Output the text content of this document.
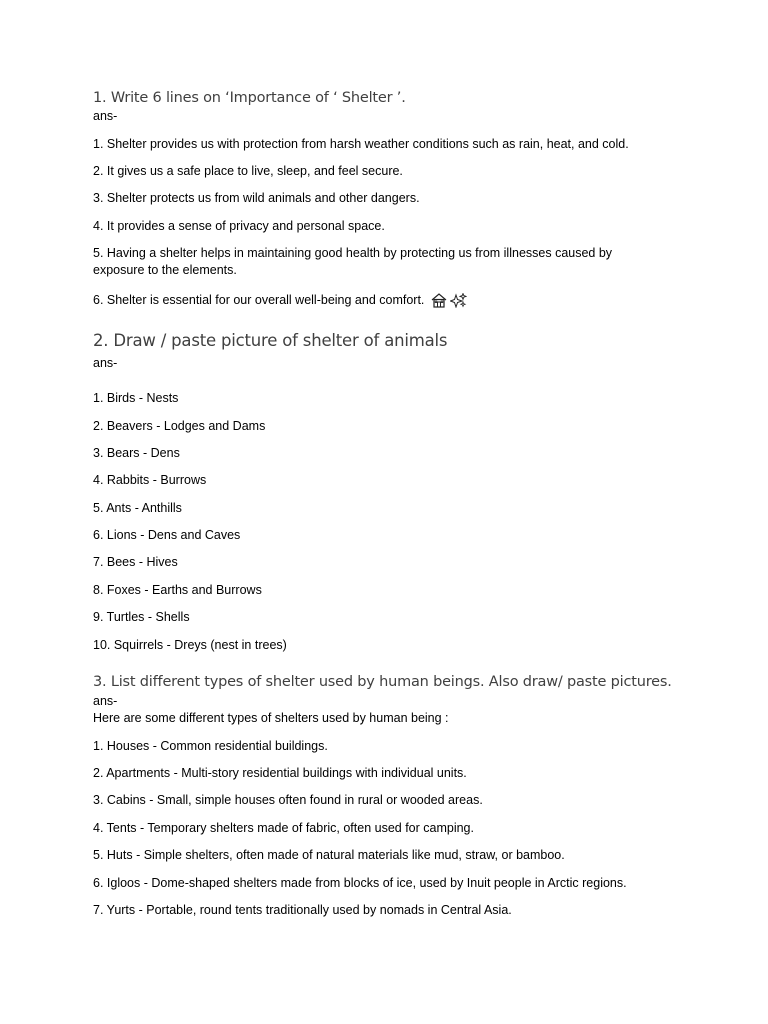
1. Write 6 lines on ‘Importance of ‘ Shelter ’.

ans-

1. Shelter provides us with protection from harsh weather conditions such as rain, heat, and cold.

2. It gives us a safe place to live, sleep, and feel secure.

3. Shelter protects us from wild animals and other dangers.

4. It provides a sense of privacy and personal space.

5. Having a shelter helps in maintaining good health by protecting us from illnesses caused by exposure to the elements.

6. Shelter is essential for our overall well-being and comfort.

2. Draw / paste picture of shelter of animals

ans-

1. Birds - Nests

2. Beavers - Lodges and Dams

3. Bears - Dens

4. Rabbits - Burrows

5. Ants - Anthills

6. Lions - Dens and Caves

7. Bees - Hives

8. Foxes - Earths and Burrows

9. Turtles - Shells

10. Squirrels - Dreys (nest in trees)

3. List different types of shelter used by human beings. Also draw/ paste pictures.

ans-

Here are some different types of shelters used by human being :

1. Houses - Common residential buildings.

2. Apartments - Multi-story residential buildings with individual units.

3. Cabins - Small, simple houses often found in rural or wooded areas.

4. Tents - Temporary shelters made of fabric, often used for camping.

5. Huts - Simple shelters, often made of natural materials like mud, straw, or bamboo.

6. Igloos - Dome-shaped shelters made from blocks of ice, used by Inuit people in Arctic regions.

7. Yurts - Portable, round tents traditionally used by nomads in Central Asia.
